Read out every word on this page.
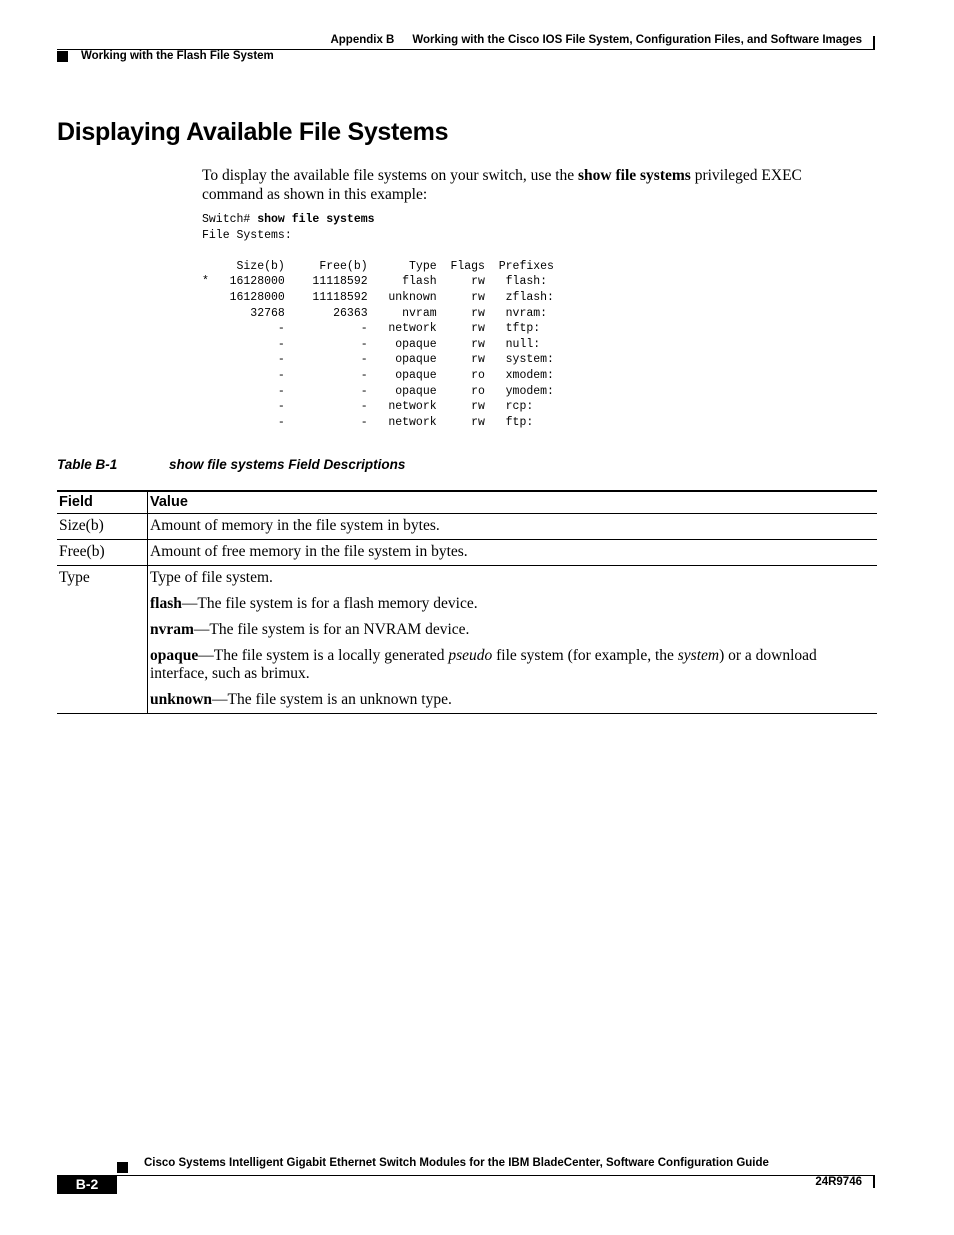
Appendix B Working with the Cisco IOS File System, Configuration Files, and Software Images
Working with the Flash File System
Displaying Available File Systems

To display the available file systems on your switch, use the show file systems privileged EXEC command as shown in this example:

Switch# show file systems
File Systems:

Size(b)     Free(b)      Type  Flags  Prefixes
*   16128000    11118592     flash     rw   flash:
16128000    11118592   unknown     rw   zflash:
32768       26363     nvram     rw   nvram:
-           -   network     rw   tftp:
-           -    opaque     rw   null:
-           -    opaque     rw   system:
-           -    opaque     ro   xmodem:
-           -    opaque     ro   ymodem:
-           -   network     rw   rcp:
-           -   network     rw   ftp:
Table B-1	show file systems Field Descriptions
Field	Value
Size(b)	Amount of memory in the file system in bytes.
Free(b)	Amount of free memory in the file system in bytes.
Type	Type of file system.

flash—The file system is for a flash memory device.

nvram—The file system is for an NVRAM device.

opaque—The file system is a locally generated pseudo file system (for example, the system) or a download interface, such as brimux.

unknown—The file system is an unknown type.

Cisco Systems Intelligent Gigabit Ethernet Switch Modules for the IBM BladeCenter, Software Configuration Guide
B-2	24R9746
